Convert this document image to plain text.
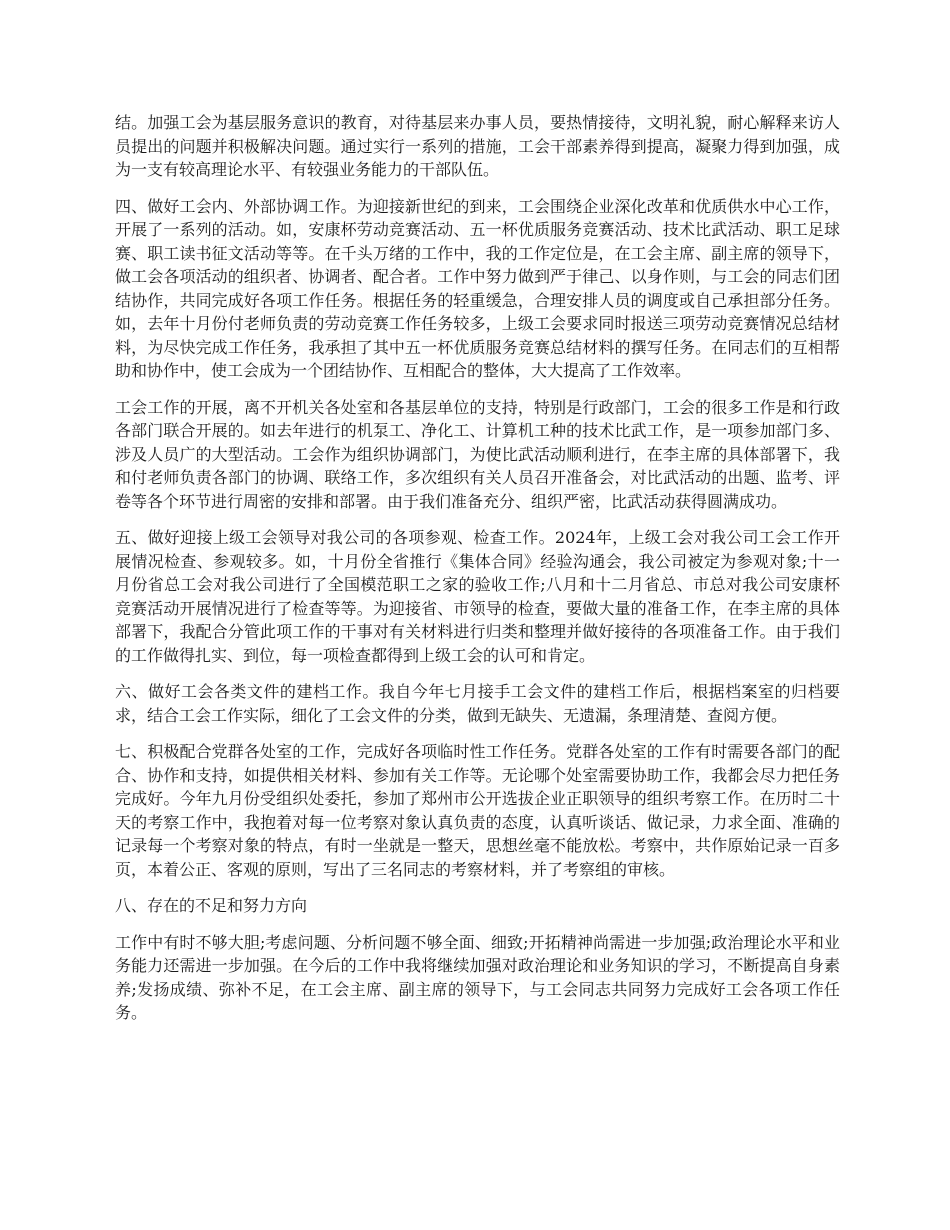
结。加强工会为基层服务意识的教育，对待基层来办事人员，要热情接待，文明礼貌，耐心解释来访人员提出的问题并积极解决问题。通过实行一系列的措施，工会干部素养得到提高，凝聚力得到加强，成为一支有较高理论水平、有较强业务能力的干部队伍。

四、做好工会内、外部协调工作。为迎接新世纪的到来，工会围绕企业深化改革和优质供水中心工作，开展了一系列的活动。如，安康杯劳动竞赛活动、五一杯优质服务竞赛活动、技术比武活动、职工足球赛、职工读书征文活动等等。在千头万绪的工作中，我的工作定位是，在工会主席、副主席的领导下，做工会各项活动的组织者、协调者、配合者。工作中努力做到严于律己、以身作则，与工会的同志们团结协作，共同完成好各项工作任务。根据任务的轻重缓急，合理安排人员的调度或自己承担部分任务。如，去年十月份付老师负责的劳动竞赛工作任务较多，上级工会要求同时报送三项劳动竞赛情况总结材料，为尽快完成工作任务，我承担了其中五一杯优质服务竞赛总结材料的撰写任务。在同志们的互相帮助和协作中，使工会成为一个团结协作、互相配合的整体，大大提高了工作效率。

工会工作的开展，离不开机关各处室和各基层单位的支持，特别是行政部门，工会的很多工作是和行政各部门联合开展的。如去年进行的机泵工、净化工、计算机工种的技术比武工作，是一项参加部门多、涉及人员广的大型活动。工会作为组织协调部门，为使比武活动顺利进行，在李主席的具体部署下，我和付老师负责各部门的协调、联络工作，多次组织有关人员召开准备会，对比武活动的出题、监考、评卷等各个环节进行周密的安排和部署。由于我们准备充分、组织严密，比武活动获得圆满成功。

五、做好迎接上级工会领导对我公司的各项参观、检查工作。2024年，上级工会对我公司工会工作开展情况检查、参观较多。如，十月份全省推行《集体合同》经验沟通会，我公司被定为参观对象;十一月份省总工会对我公司进行了全国模范职工之家的验收工作;八月和十二月省总、市总对我公司安康杯竞赛活动开展情况进行了检查等等。为迎接省、市领导的检查，要做大量的准备工作，在李主席的具体部署下，我配合分管此项工作的干事对有关材料进行归类和整理并做好接待的各项准备工作。由于我们的工作做得扎实、到位，每一项检查都得到上级工会的认可和肯定。

六、做好工会各类文件的建档工作。我自今年七月接手工会文件的建档工作后，根据档案室的归档要求，结合工会工作实际，细化了工会文件的分类，做到无缺失、无遗漏，条理清楚、查阅方便。

七、积极配合党群各处室的工作，完成好各项临时性工作任务。党群各处室的工作有时需要各部门的配合、协作和支持，如提供相关材料、参加有关工作等。无论哪个处室需要协助工作，我都会尽力把任务完成好。今年九月份受组织处委托，参加了郑州市公开选拔企业正职领导的组织考察工作。在历时二十天的考察工作中，我抱着对每一位考察对象认真负责的态度，认真听谈话、做记录，力求全面、准确的记录每一个考察对象的特点，有时一坐就是一整天，思想丝毫不能放松。考察中，共作原始记录一百多页，本着公正、客观的原则，写出了三名同志的考察材料，并了考察组的审核。

八、存在的不足和努力方向

工作中有时不够大胆;考虑问题、分析问题不够全面、细致;开拓精神尚需进一步加强;政治理论水平和业务能力还需进一步加强。在今后的工作中我将继续加强对政治理论和业务知识的学习，不断提高自身素养;发扬成绩、弥补不足，在工会主席、副主席的领导下，与工会同志共同努力完成好工会各项工作任务。
